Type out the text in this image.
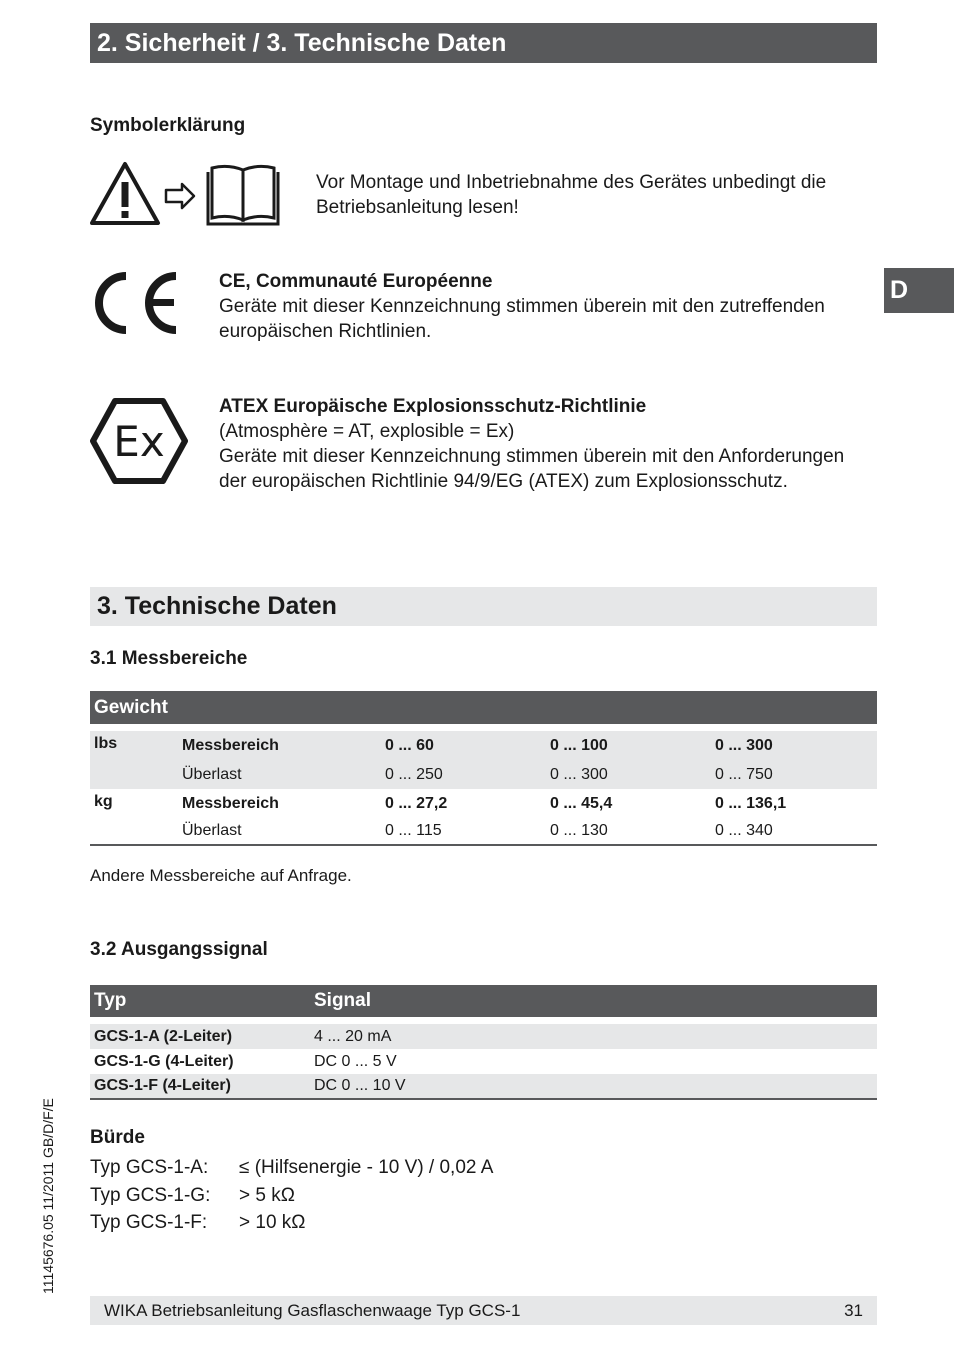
2. Sicherheit / 3. Technische Daten
D
Symbolerklärung
Vor Montage und Inbetriebnahme des Gerätes unbedingt die Betriebsanleitung lesen!
CE, Communauté Européenne
Geräte mit dieser Kennzeichnung stimmen überein mit den zutreffenden europäischen Richtlinien.
Ex
ATEX Europäische Explosionsschutz-Richtlinie
(Atmosphère = AT, explosible = Ex)
Geräte mit dieser Kennzeichnung stimmen überein mit den Anforderungen der europäischen Richtlinie 94/9/EG (ATEX) zum Explosionsschutz.
3. Technische Daten
3.1 Messbereiche
Gewicht
lbs	Messbereich	0 ... 60	0 ... 100	0 ... 300
	Überlast	0 ... 250	0 ... 300	0 ... 750
kg	Messbereich	0 ... 27,2	0 ... 45,4	0 ... 136,1
	Überlast	0 ... 115	0 ... 130	0 ... 340
Andere Messbereiche auf Anfrage.
3.2 Ausgangssignal
Typ	Signal
GCS-1-A (2-Leiter)	4 ... 20 mA
GCS-1-G (4-Leiter)	DC 0 ... 5 V
GCS-1-F (4-Leiter)	DC 0 ... 10 V
Bürde
Typ GCS-1-A: ≤ (Hilfsenergie - 10 V) / 0,02 A
Typ GCS-1-G: > 5 kΩ
Typ GCS-1-F: > 10 kΩ
11145676.05 11/2011 GB/D/F/E
WIKA Betriebsanleitung Gasflaschenwaage Typ GCS-1	31
